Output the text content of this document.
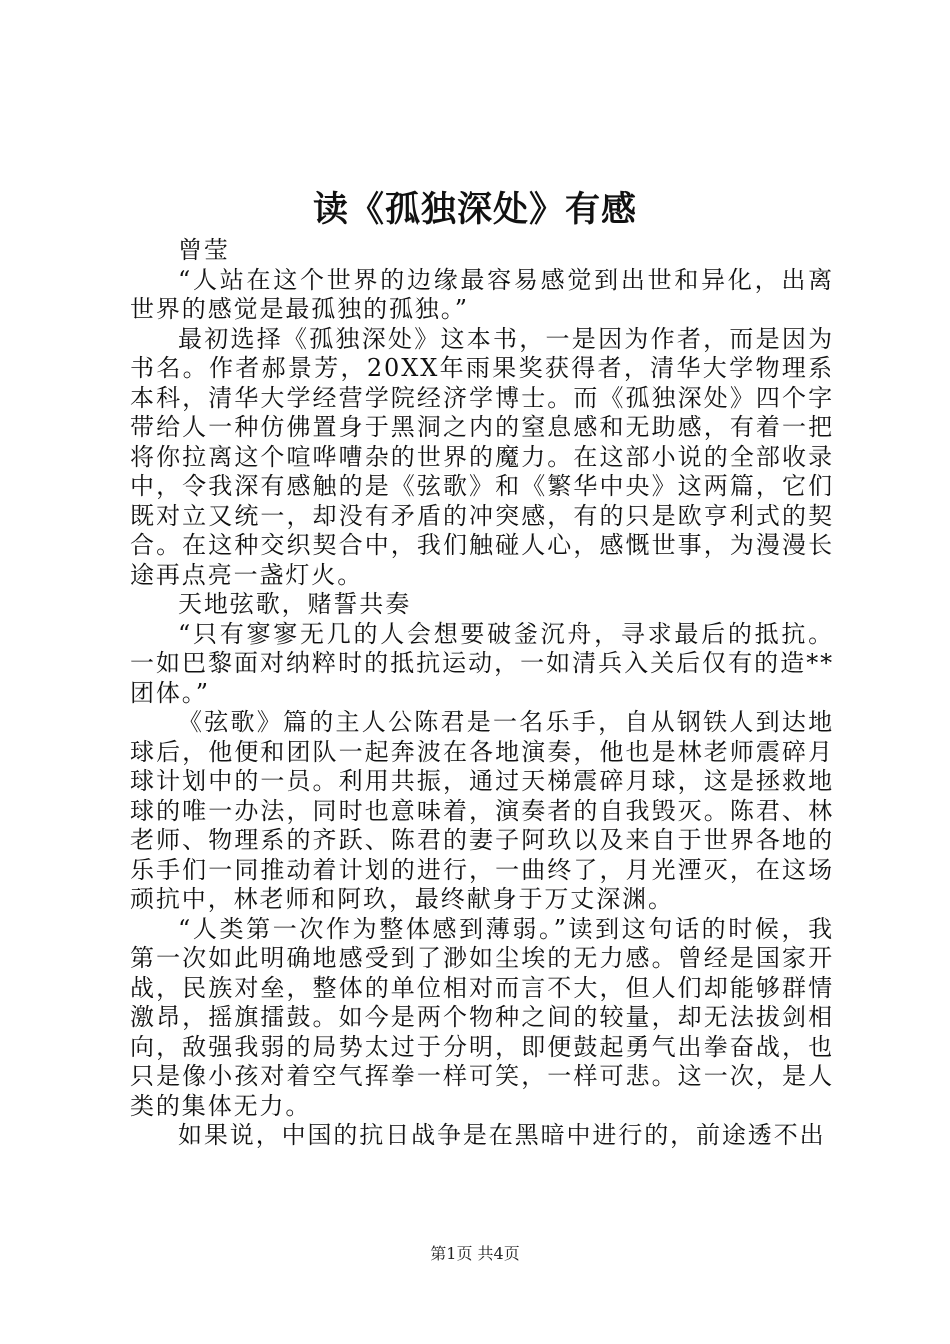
读《孤独深处》有感

曾莹

“人站在这个世界的边缘最容易感觉到出世和异化，出离世界的感觉是最孤独的孤独。”

最初选择《孤独深处》这本书，一是因为作者，而是因为书名。作者郝景芳，20XX年雨果奖获得者，清华大学物理系本科，清华大学经营学院经济学博士。而《孤独深处》四个字带给人一种仿佛置身于黑洞之内的窒息感和无助感，有着一把将你拉离这个喧哗嘈杂的世界的魔力。在这部小说的全部收录中，令我深有感触的是《弦歌》和《繁华中央》这两篇，它们既对立又统一，却没有矛盾的冲突感，有的只是欧亨利式的契合。在这种交织契合中，我们触碰人心，感慨世事，为漫漫长途再点亮一盏灯火。

天地弦歌，赌誓共奏

“只有寥寥无几的人会想要破釜沉舟，寻求最后的抵抗。一如巴黎面对纳粹时的抵抗运动，一如清兵入关后仅有的造**团体。”

《弦歌》篇的主人公陈君是一名乐手，自从钢铁人到达地球后，他便和团队一起奔波在各地演奏，他也是林老师震碎月球计划中的一员。利用共振，通过天梯震碎月球，这是拯救地球的唯一办法，同时也意味着，演奏者的自我毁灭。陈君、林老师、物理系的齐跃、陈君的妻子阿玖以及来自于世界各地的乐手们一同推动着计划的进行，一曲终了，月光湮灭，在这场顽抗中，林老师和阿玖，最终献身于万丈深渊。

“人类第一次作为整体感到薄弱。”读到这句话的时候，我第一次如此明确地感受到了渺如尘埃的无力感。曾经是国家开战，民族对垒，整体的单位相对而言不大，但人们却能够群情激昂，摇旗擂鼓。如今是两个物种之间的较量，却无法拔剑相向，敌强我弱的局势太过于分明，即便鼓起勇气出拳奋战，也只是像小孩对着空气挥拳一样可笑，一样可悲。这一次，是人类的集体无力。

如果说，中国的抗日战争是在黑暗中进行的，前途透不出

第1页 共4页
